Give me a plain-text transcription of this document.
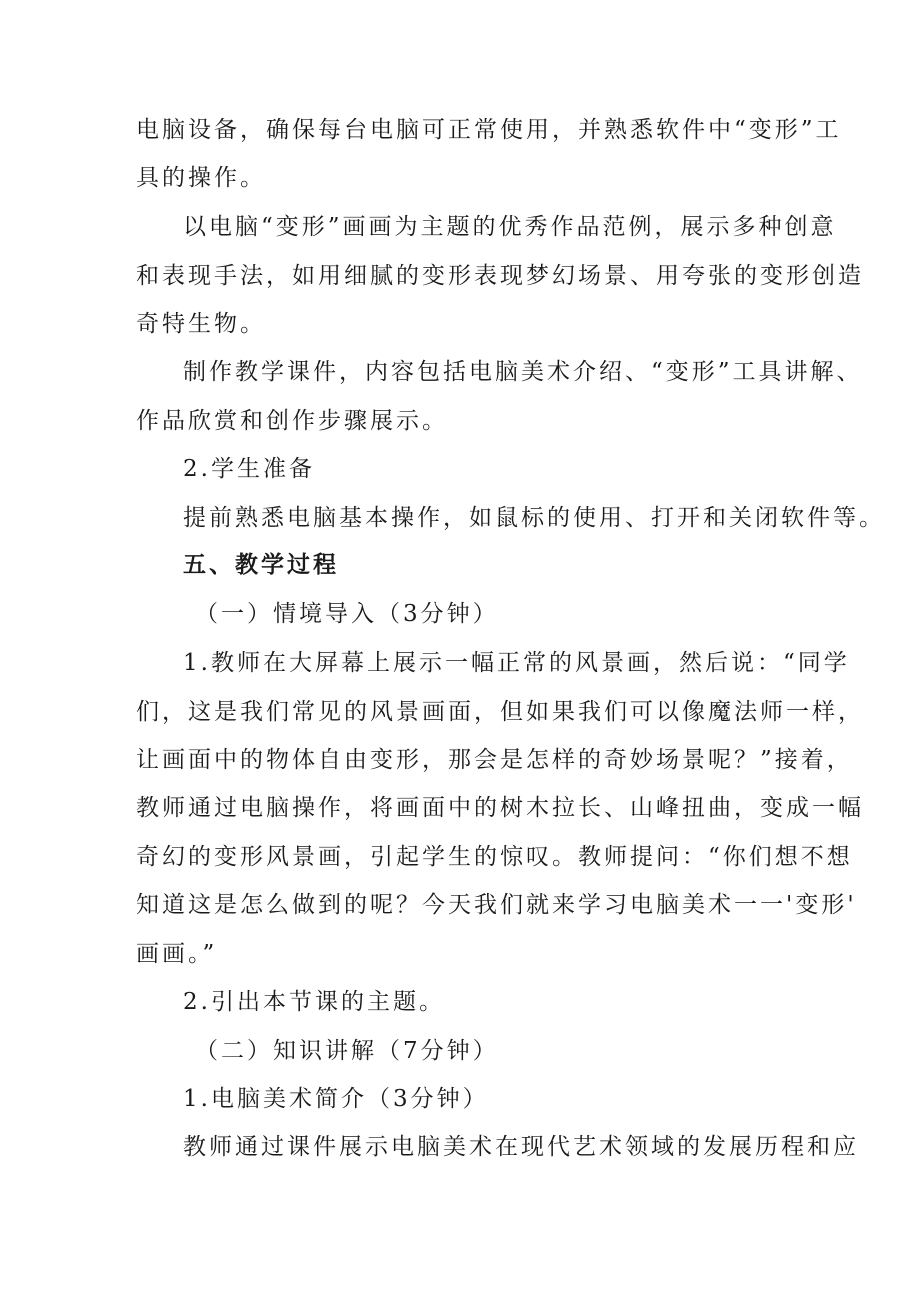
电脑设备，确保每台电脑可正常使用，并熟悉软件中“变形”工
具的操作。
以电脑“变形”画画为主题的优秀作品范例，展示多种创意
和表现手法，如用细腻的变形表现梦幻场景、用夸张的变形创造
奇特生物。
制作教学课件，内容包括电脑美术介绍、“变形”工具讲解、
作品欣赏和创作步骤展示。
2.学生准备
提前熟悉电脑基本操作，如鼠标的使用、打开和关闭软件等。
五、教学过程
（一）情境导入（3分钟）
1.教师在大屏幕上展示一幅正常的风景画，然后说：“同学
们，这是我们常见的风景画面，但如果我们可以像魔法师一样，
让画面中的物体自由变形，那会是怎样的奇妙场景呢？”接着，
教师通过电脑操作，将画面中的树木拉长、山峰扭曲，变成一幅
奇幻的变形风景画，引起学生的惊叹。教师提问：“你们想不想
知道这是怎么做到的呢？今天我们就来学习电脑美术一一'变形'
画画。”
2.引出本节课的主题。
（二）知识讲解（7分钟）
1.电脑美术简介（3分钟）
教师通过课件展示电脑美术在现代艺术领域的发展历程和应
